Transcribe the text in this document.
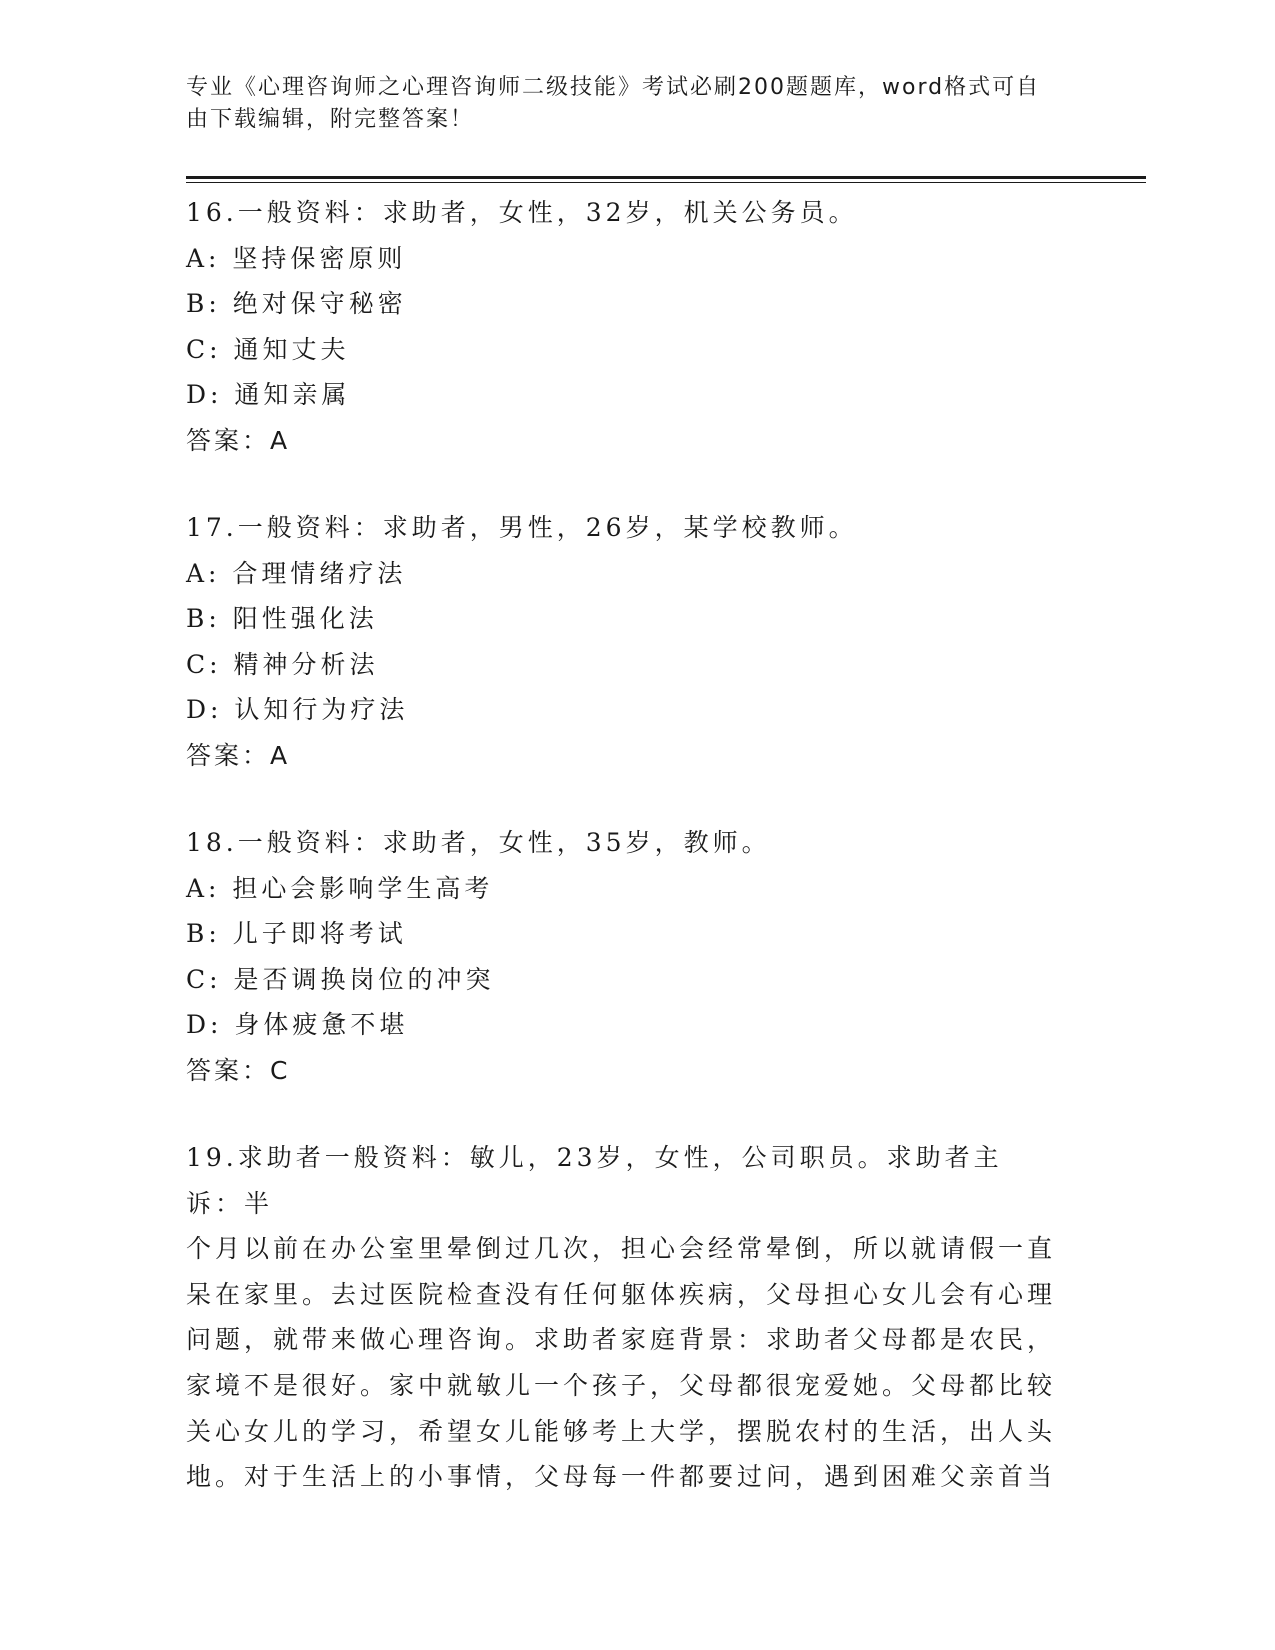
专业《心理咨询师之心理咨询师二级技能》考试必刷200题题库，word格式可自
由下载编辑，附完整答案！
16.一般资料：求助者，女性，32岁，机关公务员。
A: 坚持保密原则
B: 绝对保守秘密
C: 通知丈夫
D: 通知亲属
答案：A
17.一般资料：求助者，男性，26岁，某学校教师。
A: 合理情绪疗法
B: 阳性强化法
C: 精神分析法
D: 认知行为疗法
答案：A
18.一般资料：求助者，女性，35岁，教师。
A: 担心会影响学生高考
B: 儿子即将考试
C: 是否调换岗位的冲突
D: 身体疲惫不堪
答案：C
19.求助者一般资料：敏儿，23岁，女性，公司职员。求助者主诉：半
个月以前在办公室里晕倒过几次，担心会经常晕倒，所以就请假一直
呆在家里。去过医院检查没有任何躯体疾病，父母担心女儿会有心理
问题，就带来做心理咨询。求助者家庭背景：求助者父母都是农民，
家境不是很好。家中就敏儿一个孩子，父母都很宠爱她。父母都比较
关心女儿的学习，希望女儿能够考上大学，摆脱农村的生活，出人头
地。对于生活上的小事情，父母每一件都要过问，遇到困难父亲首当
